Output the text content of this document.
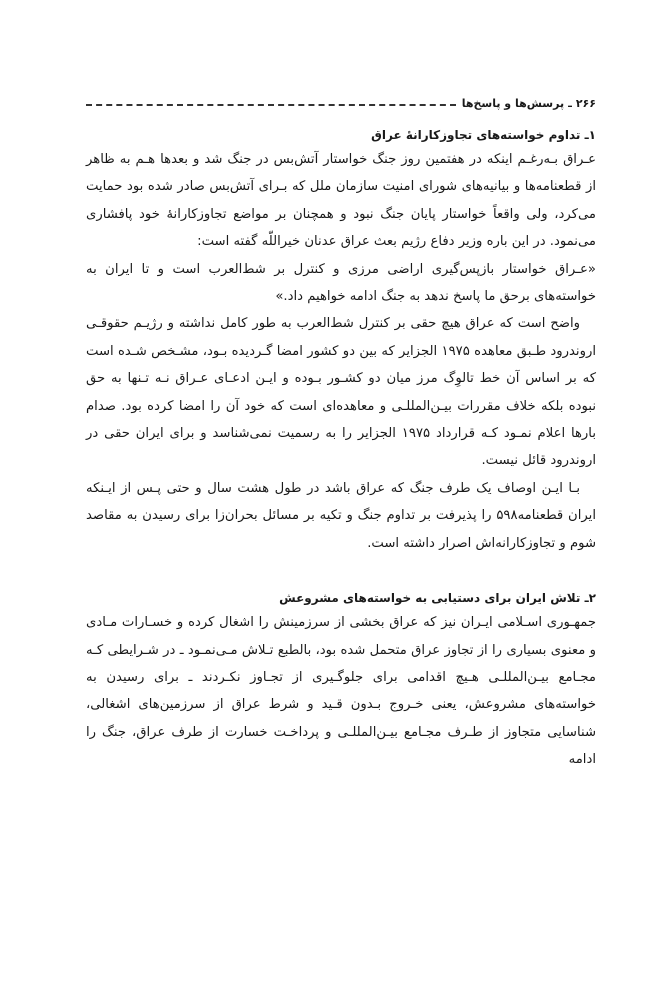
۲۶۶
ـ
پرسش‌ها و پاسخ‌ها
۱ـ تداوم خواسته‌های تجاوزکارانهٔ عراق

عـراق بـه‌رغـم اینکه در هفتمین روز جنگ خواستار آتش‌بس در جنگ شد و بعدها هـم به ظاهر از قطعنامه‌ها و بیانیه‌های شورای امنیت سازمان ملل که بـرای آتش‌بس صادر شده بود حمایت می‌کرد، ولی واقعاً خواستار پایان جنگ نبود و همچنان بر مواضع تجاوزکارانهٔ خود پافشاری می‌نمود. در این باره وزیر دفاع رژیم بعث عراق عدنان خیراللّه گفته است:

«عـراق خواستار بازپس‌گیری اراضی مرزی و کنترل بر شط‌العرب است و تا ایران به خواسته‌های برحق ما پاسخ ندهد به جنگ ادامه خواهیم داد.»

واضح است که عراق هیچ حقی بر کنترل شط‌العرب به طور کامل نداشته و رژیـم حقوقـی اروندرود طـبق معاهده ۱۹۷۵ الجزایر که بین دو کشور امضا گـردیده بـود، مشـخص شـده است که بر اساس آن خط تالوِگ مرز میان دو کشـور بـوده و ایـن ادعـای عـراق نـه تـنها به حق نبوده بلکه خلاف مقررات بیـن‌المللـی و معاهده‌ای است که خود آن را امضا کرده بود. صدام بارها اعلام نمـود کـه قرارداد ۱۹۷۵ الجزایر را به رسمیت نمی‌شناسد و برای ایران حقی در اروندرود قائل نیست.

بـا ایـن اوصاف یک طرف جنگ که عراق باشد در طول هشت سال و حتی پـس از ایـنکه ایران قطعنامه۵۹۸ را پذیرفت بر تداوم جنگ و تکیه بر مسائل بحران‌زا برای رسیدن به مقاصد شوم و تجاوزکارانه‌اش اصرار داشته است.

۲ـ تلاش ایران برای دستیابی به خواسته‌های مشروعش

جمهـوری اسـلامی ایـران نیز که عراق بخشی از سرزمینش را اشغال کرده و خسـارات مـادی و معنوی بسیاری را از تجاوز عراق متحمل شده بود، بالطبع تـلاش مـی‌نمـود ـ در شـرایطی کـه مجـامع بیـن‌المللـی هـیچ اقدامی برای جلوگـیری از تجـاوز نکـردند ـ برای رسیدن به خواسته‌های مشروعش، یعنی خـروج بـدون قـید و شرط عراق از سرزمین‌های اشغالی، شناسایی متجاوز از طـرف مجـامع بیـن‌المللـی و پرداخـت خسارت از طرف عراق، جنگ را ادامه
